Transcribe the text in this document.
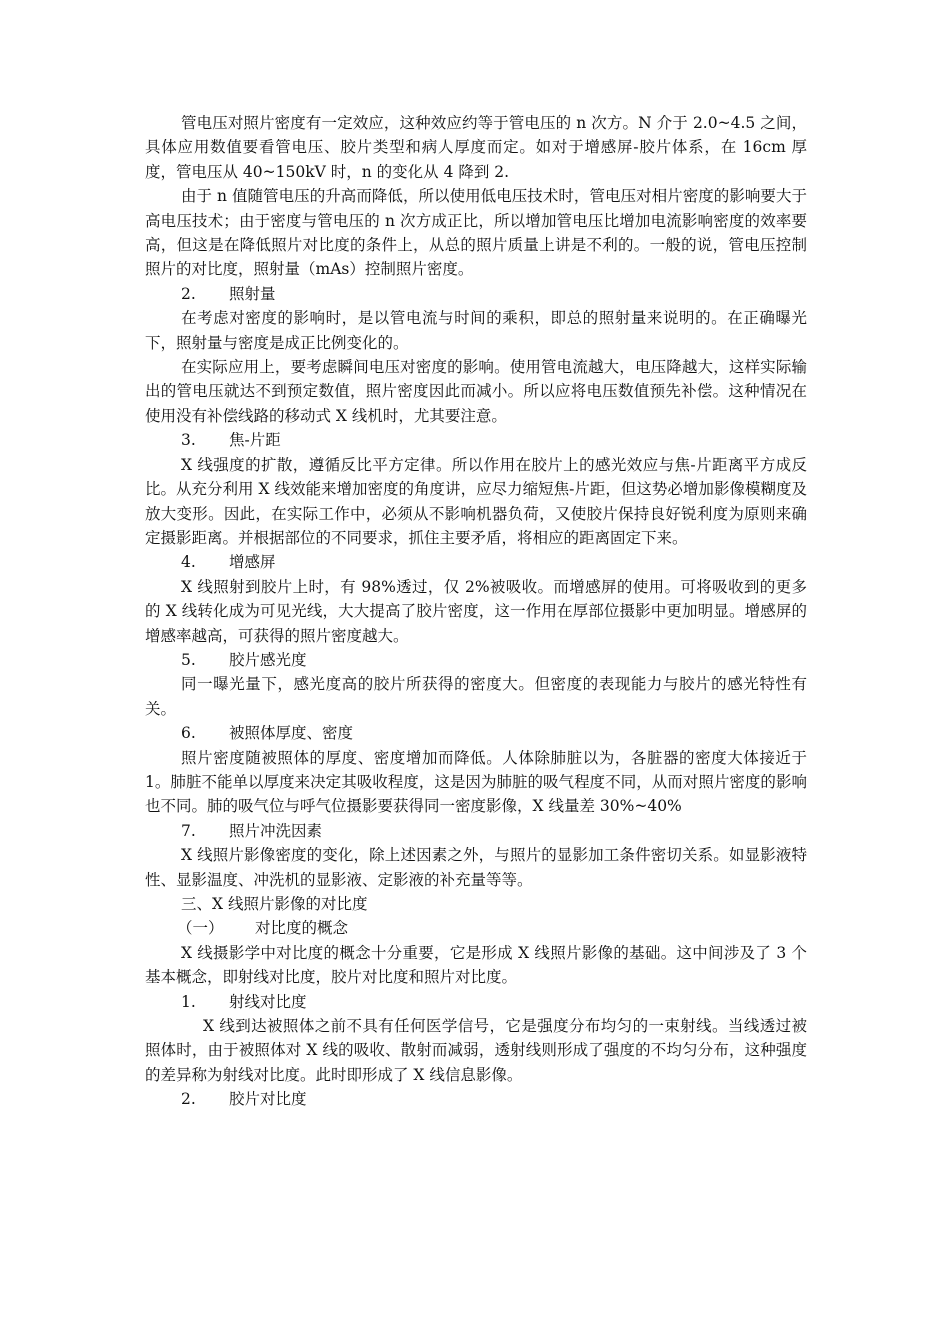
管电压对照片密度有一定效应，这种效应约等于管电压的 n 次方。N 介于 2.0~4.5 之间，具体应用数值要看管电压、胶片类型和病人厚度而定。如对于增感屏-胶片体系，在 16cm 厚度，管电压从 40~150kV 时，n 的变化从 4 降到 2.

由于 n 值随管电压的升高而降低，所以使用低电压技术时，管电压对相片密度的影响要大于高电压技术；由于密度与管电压的 n 次方成正比，所以增加管电压比增加电流影响密度的效率要高，但这是在降低照片对比度的条件上，从总的照片质量上讲是不利的。一般的说，管电压控制照片的对比度，照射量（mAs）控制照片密度。

2.	照射量

在考虑对密度的影响时，是以管电流与时间的乘积，即总的照射量来说明的。在正确曝光下，照射量与密度是成正比例变化的。

在实际应用上，要考虑瞬间电压对密度的影响。使用管电流越大，电压降越大，这样实际输出的管电压就达不到预定数值，照片密度因此而减小。所以应将电压数值预先补偿。这种情况在使用没有补偿线路的移动式 X 线机时，尤其要注意。

3.	焦-片距

X 线强度的扩散，遵循反比平方定律。所以作用在胶片上的感光效应与焦-片距离平方成反比。从充分利用 X 线效能来增加密度的角度讲，应尽力缩短焦-片距，但这势必增加影像模糊度及放大变形。因此，在实际工作中，必须从不影响机器负荷，又使胶片保持良好锐利度为原则来确定摄影距离。并根据部位的不同要求，抓住主要矛盾，将相应的距离固定下来。

4.	增感屏

X 线照射到胶片上时，有 98%透过，仅 2%被吸收。而增感屏的使用。可将吸收到的更多的 X 线转化成为可见光线，大大提高了胶片密度，这一作用在厚部位摄影中更加明显。增感屏的增感率越高，可获得的照片密度越大。

5.	胶片感光度

同一曝光量下，感光度高的胶片所获得的密度大。但密度的表现能力与胶片的感光特性有关。

6.	被照体厚度、密度

照片密度随被照体的厚度、密度增加而降低。人体除肺脏以为，各脏器的密度大体接近于 1。肺脏不能单以厚度来决定其吸收程度，这是因为肺脏的吸气程度不同，从而对照片密度的影响也不同。肺的吸气位与呼气位摄影要获得同一密度影像，X 线量差 30%~40%

7.	照片冲洗因素

X 线照片影像密度的变化，除上述因素之外，与照片的显影加工条件密切关系。如显影液特性、显影温度、冲洗机的显影液、定影液的补充量等等。

三、X 线照片影像的对比度

（一）	对比度的概念

X 线摄影学中对比度的概念十分重要，它是形成 X 线照片影像的基础。这中间涉及了 3 个基本概念，即射线对比度，胶片对比度和照片对比度。

1.	射线对比度

X 线到达被照体之前不具有任何医学信号，它是强度分布均匀的一束射线。当线透过被照体时，由于被照体对 X 线的吸收、散射而减弱，透射线则形成了强度的不均匀分布，这种强度的差异称为射线对比度。此时即形成了 X 线信息影像。

2.	胶片对比度
